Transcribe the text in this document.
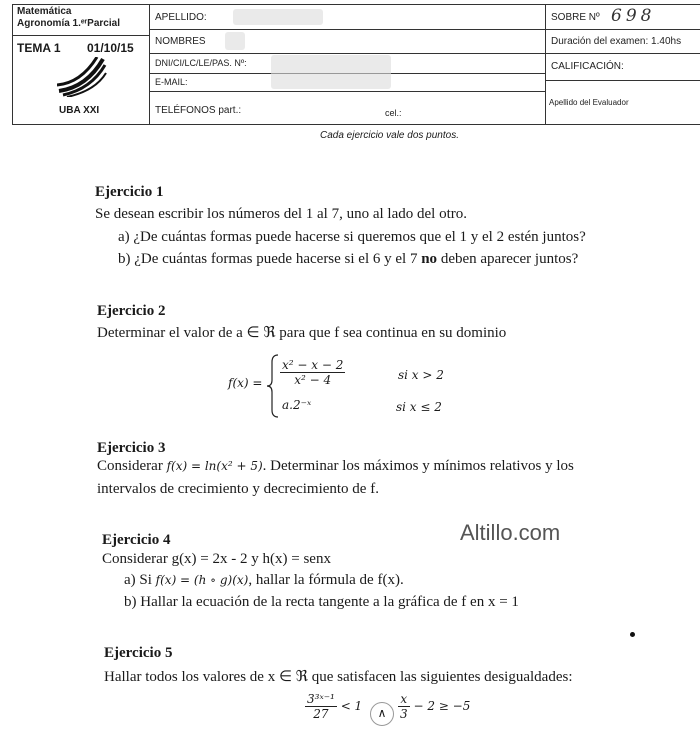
Matemática
Agronomía 1.ᵉʳParcial
TEMA 1 01/10/15
UBA XXI
APELLIDO:
NOMBRES
DNI/CI/LC/LE/PAS. Nº:
E-MAIL:
TELÉFONOS part.:	cel.:
SOBRE Nº 698
Duración del examen: 1.40hs
CALIFICACIÓN:
Apellido del Evaluador
Cada ejercicio vale dos puntos.
Ejercicio 1
Se desean escribir los números del 1 al 7, uno al lado del otro.
a) ¿De cuántas formas puede hacerse si queremos que el 1 y el 2 estén juntos?
b) ¿De cuántas formas puede hacerse si el 6 y el 7 no deben aparecer juntos?
Ejercicio 2
Determinar el valor de a ∈ ℜ para que f sea continua en su dominio
$f(x) = \frac{\text{x² − x − 2}}{\text{x² − 4}}$
a.2⁻ˣ
si x > 2
si x ≤ 2
Ejercicio 3
Considerar f(x) = ln(x² + 5). Determinar los máximos y mínimos relativos y los
intervalos de crecimiento y decrecimiento de f.
Ejercicio 4	Altillo.com
Considerar g(x) = 2x - 2 y h(x) = senx
a) Si f(x) = (h ∘ g)(x), hallar la fórmula de f(x).
b) Hallar la ecuación de la recta tangente a la gráfica de f en x = 1
Ejercicio 5
Hallar todos los valores de x ∈ ℜ que satisfacen las siguientes desigualdades:
$\frac{\text{3³ˣ⁻¹}}{27} < 1$	∧ $\frac{x}{3} - 2 \ge -5$
